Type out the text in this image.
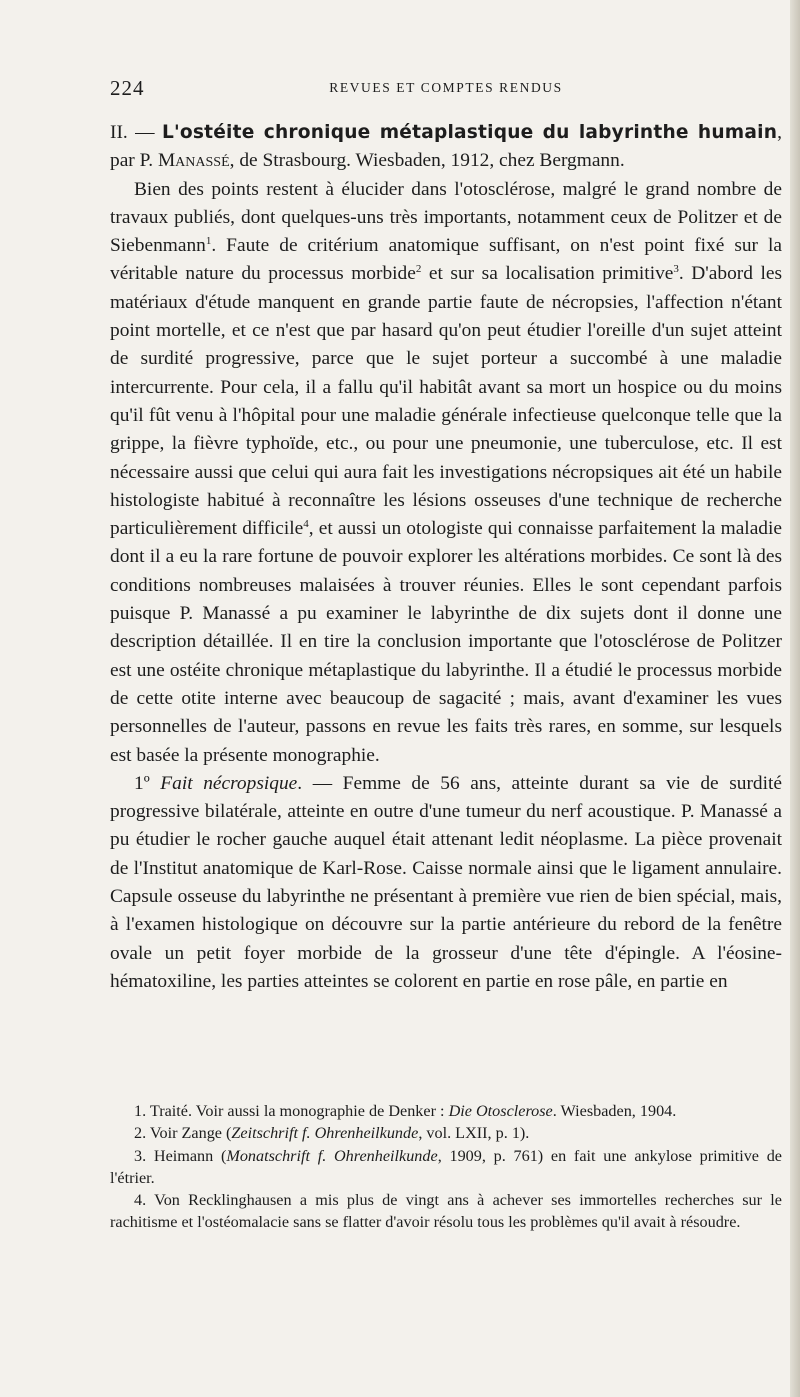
224	REVUES ET COMPTES RENDUS

II. — L'ostéite chronique métaplastique du labyrinthe humain, par P. Manassé, de Strasbourg. Wiesbaden, 1912, chez Bergmann.

Bien des points restent à élucider dans l'otosclérose, malgré le grand nombre de travaux publiés, dont quelques-uns très importants, notamment ceux de Politzer et de Siebenmann$^1$. Faute de critérium anatomique suffisant, on n'est point fixé sur la véritable nature du processus morbide$^2$ et sur sa localisation primitive$^3$. D'abord les matériaux d'étude manquent en grande partie faute de nécropsies, l'affection n'étant point mortelle, et ce n'est que par hasard qu'on peut étudier l'oreille d'un sujet atteint de surdité progressive, parce que le sujet porteur a succombé à une maladie intercurrente. Pour cela, il a fallu qu'il habitât avant sa mort un hospice ou du moins qu'il fût venu à l'hôpital pour une maladie générale infectieuse quelconque telle que la grippe, la fièvre typhoïde, etc., ou pour une pneumonie, une tuberculose, etc. Il est nécessaire aussi que celui qui aura fait les investigations nécropsiques ait été un habile histologiste habitué à reconnaître les lésions osseuses d'une technique de recherche particulièrement difficile$^4$, et aussi un otologiste qui connaisse parfaitement la maladie dont il a eu la rare fortune de pouvoir explorer les altérations morbides. Ce sont là des conditions nombreuses malaisées à trouver réunies. Elles le sont cependant parfois puisque P. Manassé a pu examiner le labyrinthe de dix sujets dont il donne une description détaillée. Il en tire la conclusion importante que l'otosclérose de Politzer est une ostéite chronique métaplastique du labyrinthe. Il a étudié le processus morbide de cette otite interne avec beaucoup de sagacité ; mais, avant d'examiner les vues personnelles de l'auteur, passons en revue les faits très rares, en somme, sur lesquels est basée la présente monographie.

1º Fait nécropsique. — Femme de 56 ans, atteinte durant sa vie de surdité progressive bilatérale, atteinte en outre d'une tumeur du nerf acoustique. P. Manassé a pu étudier le rocher gauche auquel était attenant ledit néoplasme. La pièce provenait de l'Institut anatomique de Karl-Rose. Caisse normale ainsi que le ligament annulaire. Capsule osseuse du labyrinthe ne présentant à première vue rien de bien spécial, mais, à l'examen histologique on découvre sur la partie antérieure du rebord de la fenêtre ovale un petit foyer morbide de la grosseur d'une tête d'épingle. A l'éosine-hématoxiline, les parties atteintes se colorent en partie en rose pâle, en partie en

1. Traité. Voir aussi la monographie de Denker : Die Otosclerose. Wiesbaden, 1904.

2. Voir Zange (Zeitschrift f. Ohrenheilkunde, vol. LXII, p. 1).

3. Heimann (Monatschrift f. Ohrenheilkunde, 1909, p. 761) en fait une ankylose primitive de l'étrier.

4. Von Recklinghausen a mis plus de vingt ans à achever ses immortelles recherches sur le rachitisme et l'ostéomalacie sans se flatter d'avoir résolu tous les problèmes qu'il avait à résoudre.
